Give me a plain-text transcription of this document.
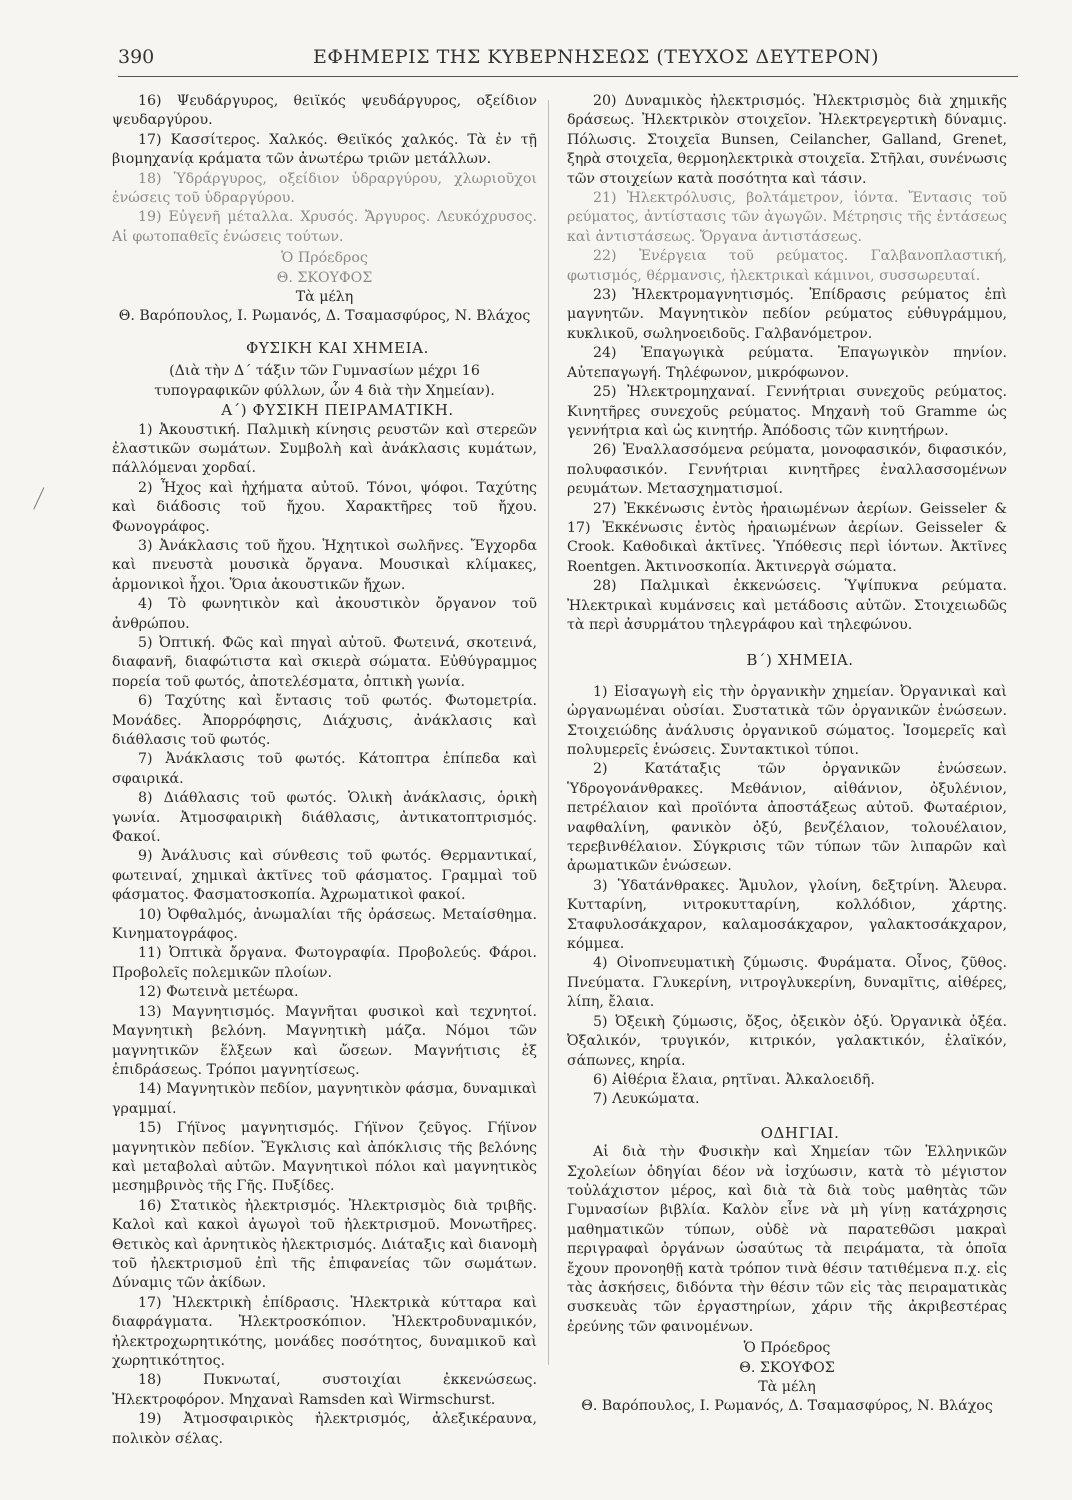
390	ΕΦΗΜΕΡΙΣ ΤΗΣ ΚΥΒΕΡΝΗΣΕΩΣ (ΤΕΥΧΟΣ ΔΕΥΤΕΡΟΝ)

16) Ψευδάργυρος, θειϊκός ψευδάργυρος, οξείδιον ψευδαργύρου.

17) Κασσίτερος. Χαλκός. Θειϊκός χαλκός. Τὰ ἐν τῇ βιομηχανίᾳ κράματα τῶν ἀνωτέρω τριῶν μετάλλων.

18) Ὑδράργυρος, οξείδιον ὑδραργύρου, χλωριοῦχοι ἑνώσεις τοῦ ὑδραργύρου.

19) Εὐγενῆ μέταλλα. Χρυσός. Ἄργυρος. Λευκόχρυσος. Αἱ φωτοπαθεῖς ἑνώσεις τούτων.

Ὁ Πρόεδρος

Θ. ΣΚΟΥΦΟΣ

Τὰ μέλη

Θ. Βαρόπουλος, Ι. Ρωμανός, Δ. Τσαμασφύρος, Ν. Βλάχος

ΦΥΣΙΚΗ ΚΑΙ ΧΗΜΕΙΑ.

(Διὰ τὴν Δ΄ τάξιν τῶν Γυμνασίων μέχρι 16 τυπογραφικῶν φύλλων, ὧν 4 διὰ τὴν Χημείαν).

Α΄) ΦΥΣΙΚΗ ΠΕΙΡΑΜΑΤΙΚΗ.

1) Ἀκουστική. Παλμικὴ κίνησις ρευστῶν καὶ στερεῶν ἐλαστικῶν σωμάτων. Συμβολὴ καὶ ἀνάκλασις κυμάτων, πάλλόμεναι χορδαί.

2) Ἦχος καὶ ἠχήματα αὐτοῦ. Τόνοι, ψόφοι. Ταχύτης καὶ διάδοσις τοῦ ἤχου. Χαρακτῆρες τοῦ ἤχου. Φωνογράφος.

3) Ἀνάκλασις τοῦ ἤχου. Ἠχητικοὶ σωλῆνες. Ἔγχορδα καὶ πνευστὰ μουσικὰ ὄργανα. Μουσικαὶ κλίμακες, ἁρμονικοὶ ἦχοι. Ὅρια ἀκουστικῶν ἤχων.

4) Τὸ φωνητικὸν καὶ ἀκουστικὸν ὄργανον τοῦ ἀνθρώπου.

5) Ὀπτική. Φῶς καὶ πηγαὶ αὐτοῦ. Φωτεινά, σκοτεινά, διαφανῆ, διαφώτιστα καὶ σκιερὰ σώματα. Εὐθύγραμμος πορεία τοῦ φωτός, ἀποτελέσματα, ὀπτικὴ γωνία.

6) Ταχύτης καὶ ἔντασις τοῦ φωτός. Φωτομετρία. Μονάδες. Ἀπορρόφησις, Διάχυσις, ἀνάκλασις καὶ διάθλασις τοῦ φωτός.

7) Ἀνάκλασις τοῦ φωτός. Κάτοπτρα ἐπίπεδα καὶ σφαιρικά.

8) Διάθλασις τοῦ φωτός. Ὁλικὴ ἀνάκλασις, ὁρικὴ γωνία. Ἀτμοσφαιρικὴ διάθλασις, ἀντικατοπτρισμός. Φακοί.

9) Ἀνάλυσις καὶ σύνθεσις τοῦ φωτός. Θερμαντικαί, φωτειναί, χημικαὶ ἀκτῖνες τοῦ φάσματος. Γραμμαὶ τοῦ φάσματος. Φασματοσκοπία. Ἀχρωματικοὶ φακοί.

10) Ὀφθαλμός, ἀνωμαλίαι τῆς ὁράσεως. Μεταίσθημα. Κινηματογράφος.

11) Ὀπτικὰ ὄργανα. Φωτογραφία. Προβολεύς. Φάροι. Προβολεῖς πολεμικῶν πλοίων.

12) Φωτεινὰ μετέωρα.

13) Μαγνητισμός. Μαγνῆται φυσικοὶ καὶ τεχνητοί. Μαγνητικὴ βελόνη. Μαγνητικὴ μάζα. Νόμοι τῶν μαγνητικῶν ἕλξεων καὶ ὤσεων. Μαγνήτισις ἐξ ἐπιδράσεως. Τρόποι μαγνητίσεως.

14) Μαγνητικὸν πεδίον, μαγνητικὸν φάσμα, δυναμικαὶ γραμμαί.

15) Γήϊνος μαγνητισμός. Γήϊνον ζεῦγος. Γήϊνον μαγνητικὸν πεδίον. Ἔγκλισις καὶ ἀπόκλισις τῆς βελόνης καὶ μεταβολαὶ αὐτῶν. Μαγνητικοὶ πόλοι καὶ μαγνητικὸς μεσημβρινὸς τῆς Γῆς. Πυξίδες.

16) Στατικὸς ἠλεκτρισμός. Ἠλεκτρισμὸς διὰ τριβῆς. Καλοὶ καὶ κακοὶ ἀγωγοὶ τοῦ ἠλεκτρισμοῦ. Μονωτῆρες. Θετικὸς καὶ ἀρνητικὸς ἠλεκτρισμός. Διάταξις καὶ διανομὴ τοῦ ἠλεκτρισμοῦ ἐπὶ τῆς ἐπιφανείας τῶν σωμάτων. Δύναμις τῶν ἀκίδων.

17) Ἠλεκτρικὴ ἐπίδρασις. Ἠλεκτρικὰ κύτταρα καὶ διαφράγματα. Ἠλεκτροσκόπιον. Ἠλεκτροδυναμικόν, ἠλεκτροχωρητικότης, μονάδες ποσότητος, δυναμικοῦ καὶ χωρητικότητος.

18) Πυκνωταί, συστοιχίαι ἐκκενώσεως. Ἠλεκτροφόρον. Μηχαναὶ Ramsden καὶ Wirmschurst.

19) Ἀτμοσφαιρικὸς ἠλεκτρισμός, ἀλεξικέραυνα, πολικὸν σέλας.

20) Δυναμικὸς ἠλεκτρισμός. Ἠλεκτρισμὸς διὰ χημικῆς δράσεως. Ἠλεκτρικὸν στοιχεῖον. Ἠλεκτρεγερτικὴ δύναμις. Πόλωσις. Στοιχεῖα Bunsen, Ceilancher, Galland, Grenet, ξηρὰ στοιχεῖα, θερμοηλεκτρικὰ στοιχεῖα. Στῆλαι, συνένωσις τῶν στοιχείων κατὰ ποσότητα καὶ τάσιν.

21) Ἠλεκτρόλυσις, βολτάμετρον, ἰόντα. Ἔντασις τοῦ ρεύματος, ἀντίστασις τῶν ἀγωγῶν. Μέτρησις τῆς ἐντάσεως καὶ ἀντιστάσεως. Ὄργανα ἀντιστάσεως.

22) Ἐνέργεια τοῦ ρεύματος. Γαλβανοπλαστική, φωτισμός, θέρμανσις, ἠλεκτρικαὶ κάμινοι, συσσωρευταί.

23) Ἠλεκτρομαγνητισμός. Ἐπίδρασις ρεύματος ἐπὶ μαγνητῶν. Μαγνητικὸν πεδίον ρεύματος εὐθυγράμμου, κυκλικοῦ, σωληνοειδοῦς. Γαλβανόμετρον.

24) Ἐπαγωγικὰ ρεύματα. Ἐπαγωγικὸν πηνίον. Αὐτεπαγωγή. Τηλέφωνον, μικρόφωνον.

25) Ἠλεκτρομηχαναί. Γεννήτριαι συνεχοῦς ρεύματος. Κινητῆρες συνεχοῦς ρεύματος. Μηχανὴ τοῦ Gramme ὡς γεννήτρια καὶ ὡς κινητήρ. Ἀπόδοσις τῶν κινητήρων.

26) Ἐναλλασσόμενα ρεύματα, μονοφασικόν, διφασικόν, πολυφασικόν. Γεννήτριαι κινητῆρες ἐναλλασσομένων ρευμάτων. Μετασχηματισμοί.

27) Ἐκκένωσις ἐντὸς ἠραιωμένων ἀερίων. Geisseler & 17) Ἐκκένωσις ἐντὸς ἠραιωμένων ἀερίων. Geisseler & Crook. Καθοδικαὶ ἀκτῖνες. Ὑπόθεσις περὶ ἰόντων. Ἀκτῖνες Roentgen. Ἀκτινοσκοπία. Ἀκτινεργὰ σώματα.

28) Παλμικαὶ ἐκκενώσεις. Ὑψίπυκνα ρεύματα. Ἠλεκτρικαὶ κυμάνσεις καὶ μετάδοσις αὐτῶν. Στοιχειωδῶς τὰ περὶ ἀσυρμάτου τηλεγράφου καὶ τηλεφώνου.

Β΄) ΧΗΜΕΙΑ.

1) Εἰσαγωγὴ εἰς τὴν ὀργανικὴν χημείαν. Ὀργανικαὶ καὶ ὠργανωμέναι οὐσίαι. Συστατικὰ τῶν ὀργανικῶν ἑνώσεων. Στοιχειώδης ἀνάλυσις ὀργανικοῦ σώματος. Ἰσομερεῖς καὶ πολυμερεῖς ἑνώσεις. Συντακτικοὶ τύποι.

2) Κατάταξις τῶν ὀργανικῶν ἑνώσεων. Ὑδρογονάνθρακες. Μεθάνιον, αἰθάνιον, ὀξυλένιον, πετρέλαιον καὶ προϊόντα ἀποστάξεως αὐτοῦ. Φωταέριον, ναφθαλίνη, φανικὸν ὀξύ, βενζέλαιον, τολουέλαιον, τερεβινθέλαιον. Σύγκρισις τῶν τύπων τῶν λιπαρῶν καὶ ἀρωματικῶν ἑνώσεων.

3) Ὑδατάνθρακες. Ἄμυλον, γλοίνη, δεξτρίνη. Ἄλευρα. Κυτταρίνη, νιτροκυτταρίνη, κολλόδιον, χάρτης. Σταφυλοσάκχαρον, καλαμοσάκχαρον, γαλακτοσάκχαρον, κόμμεα.

4) Οἰνοπνευματικὴ ζύμωσις. Φυράματα. Οἶνος, ζῦθος. Πνεύματα. Γλυκερίνη, νιτρογλυκερίνη, δυναμῖτις, αἰθέρες, λίπη, ἔλαια.

5) Ὀξεικὴ ζύμωσις, ὄξος, ὀξεικὸν ὀξύ. Ὀργανικὰ ὀξέα. Ὀξαλικόν, τρυγικόν, κιτρικόν, γαλακτικόν, ἐλαϊκόν, σάπωνες, κηρία.

6) Αἰθέρια ἔλαια, ρητῖναι. Ἀλκαλοειδῆ.

7) Λευκώματα.

ΟΔΗΓΙΑΙ.

Αἱ διὰ τὴν Φυσικὴν καὶ Χημείαν τῶν Ἑλληνικῶν Σχολείων ὁδηγίαι δέον νὰ ἰσχύωσιν, κατὰ τὸ μέγιστον τοὐλάχιστον μέρος, καὶ διὰ τὰ διὰ τοὺς μαθητὰς τῶν Γυμνασίων βιβλία. Καλὸν εἶνε νὰ μὴ γίνῃ κατάχρησις μαθηματικῶν τύπων, οὐδὲ νὰ παρατεθῶσι μακραὶ περιγραφαὶ ὀργάνων ὡσαύτως τὰ πειράματα, τὰ ὁποῖα ἔχουν προνοηθῇ κατὰ τρόπον τινὰ θέσιν τατιθέμενα π.χ. εἰς τὰς ἀσκήσεις, διδόντα τὴν θέσιν τῶν εἰς τὰς πειραματικὰς συσκευὰς τῶν ἐργαστηρίων, χάριν τῆς ἀκριβεστέρας ἐρεύνης τῶν φαινομένων.

Ὁ Πρόεδρος

Θ. ΣΚΟΥΦΟΣ

Τὰ μέλη

Θ. Βαρόπουλος, Ι. Ρωμανός, Δ. Τσαμασφύρος, Ν. Βλάχος
